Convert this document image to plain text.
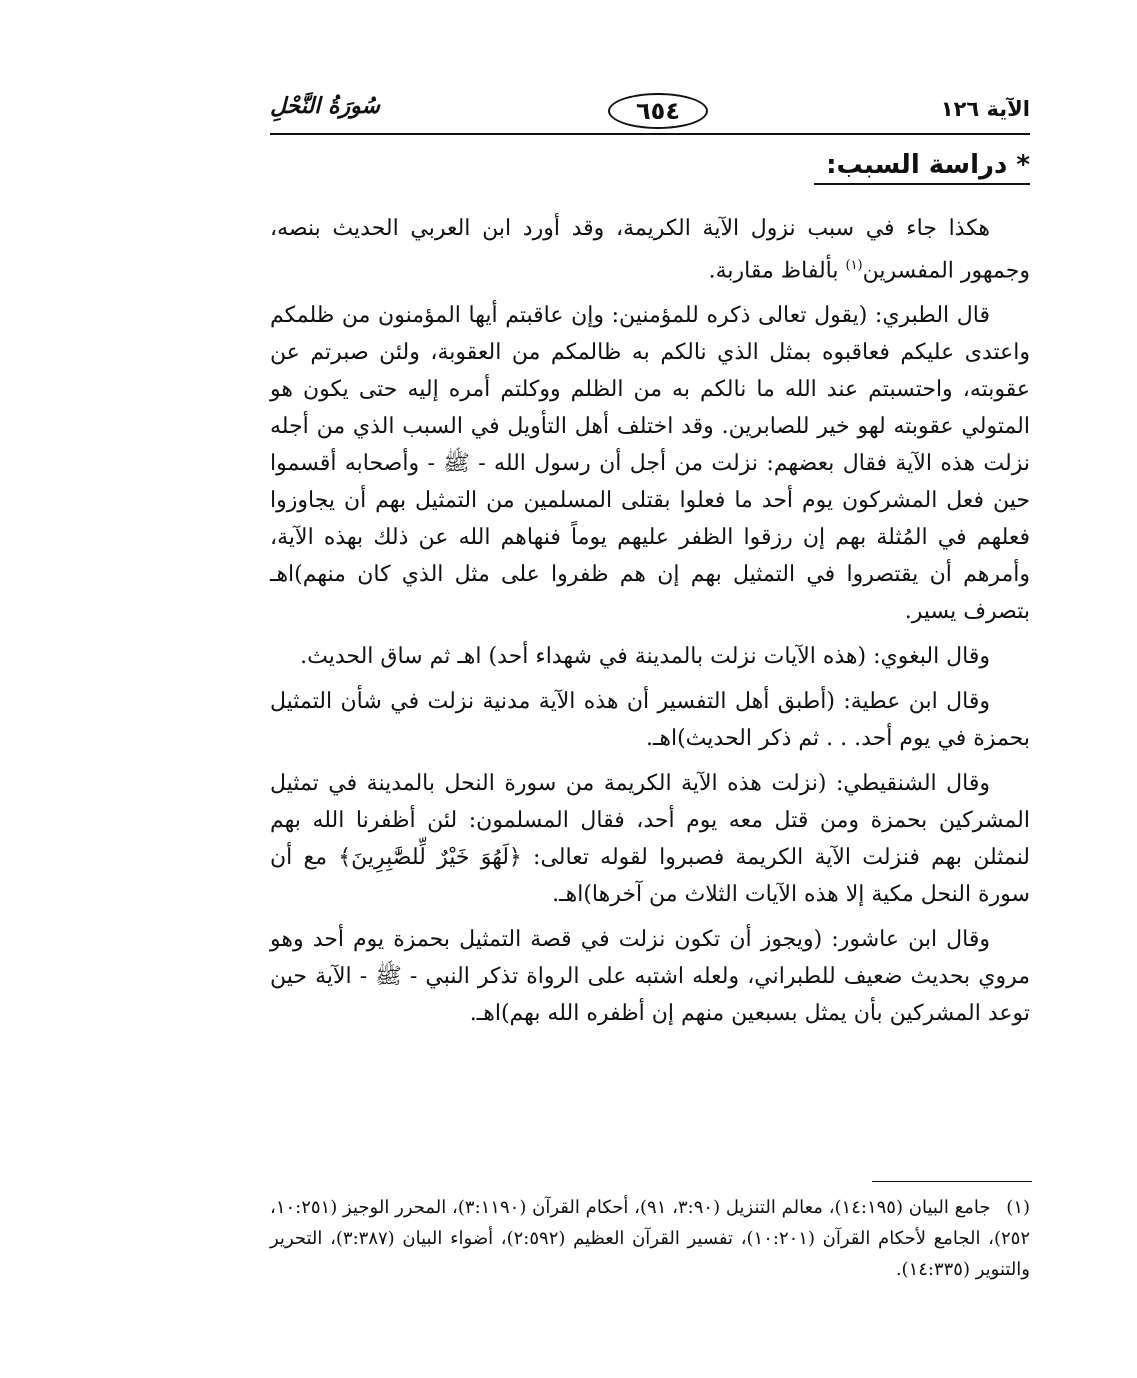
الآية ١٢٦
٦٥٤
سُورَةُ النَّحْلِ
* دراسة السبب:

هكذا جاء في سبب نزول الآية الكريمة، وقد أورد ابن العربي الحديث بنصه، وجمهور المفسرين$^{(١)}$ بألفاظ مقاربة.

قال الطبري: (يقول تعالى ذكره للمؤمنين: وإن عاقبتم أيها المؤمنون من ظلمكم واعتدى عليكم فعاقبوه بمثل الذي نالكم به ظالمكم من العقوبة، ولئن صبرتم عن عقوبته، واحتسبتم عند الله ما نالكم به من الظلم ووكلتم أمره إليه حتى يكون هو المتولي عقوبته لهو خير للصابرين. وقد اختلف أهل التأويل في السبب الذي من أجله نزلت هذه الآية فقال بعضهم: نزلت من أجل أن رسول الله - ﷺ - وأصحابه أقسموا حين فعل المشركون يوم أحد ما فعلوا بقتلى المسلمين من التمثيل بهم أن يجاوزوا فعلهم في المُثلة بهم إن رزقوا الظفر عليهم يوماً فنهاهم الله عن ذلك بهذه الآية، وأمرهم أن يقتصروا في التمثيل بهم إن هم ظفروا على مثل الذي كان منهم)اهـ بتصرف يسير.

وقال البغوي: (هذه الآيات نزلت بالمدينة في شهداء أحد) اهـ ثم ساق الحديث.

وقال ابن عطية: (أطبق أهل التفسير أن هذه الآية مدنية نزلت في شأن التمثيل بحمزة في يوم أحد. . . ثم ذكر الحديث)اهـ.

وقال الشنقيطي: (نزلت هذه الآية الكريمة من سورة النحل بالمدينة في تمثيل المشركين بحمزة ومن قتل معه يوم أحد، فقال المسلمون: لئن أظفرنا الله بهم لنمثلن بهم فنزلت الآية الكريمة فصبروا لقوله تعالى: ﴿لَهُوَ خَيْرٌ لِّلصَّٰبِرِينَ﴾ مع أن سورة النحل مكية إلا هذه الآيات الثلاث من آخرها)اهـ.

وقال ابن عاشور: (ويجوز أن تكون نزلت في قصة التمثيل بحمزة يوم أحد وهو مروي بحديث ضعيف للطبراني، ولعله اشتبه على الرواة تذكر النبي - ﷺ - الآية حين توعد المشركين بأن يمثل بسبعين منهم إن أظفره الله بهم)اهـ.

(١) جامع البيان (١٤:١٩٥)، معالم التنزيل (٣:٩٠، ٩١)، أحكام القرآن (٣:١١٩٠)، المحرر الوجيز (١٠:٢٥١، ٢٥٢)، الجامع لأحكام القرآن (١٠:٢٠١)، تفسير القرآن العظيم (٢:٥٩٢)، أضواء البيان (٣:٣٨٧)، التحرير والتنوير (١٤:٣٣٥).
